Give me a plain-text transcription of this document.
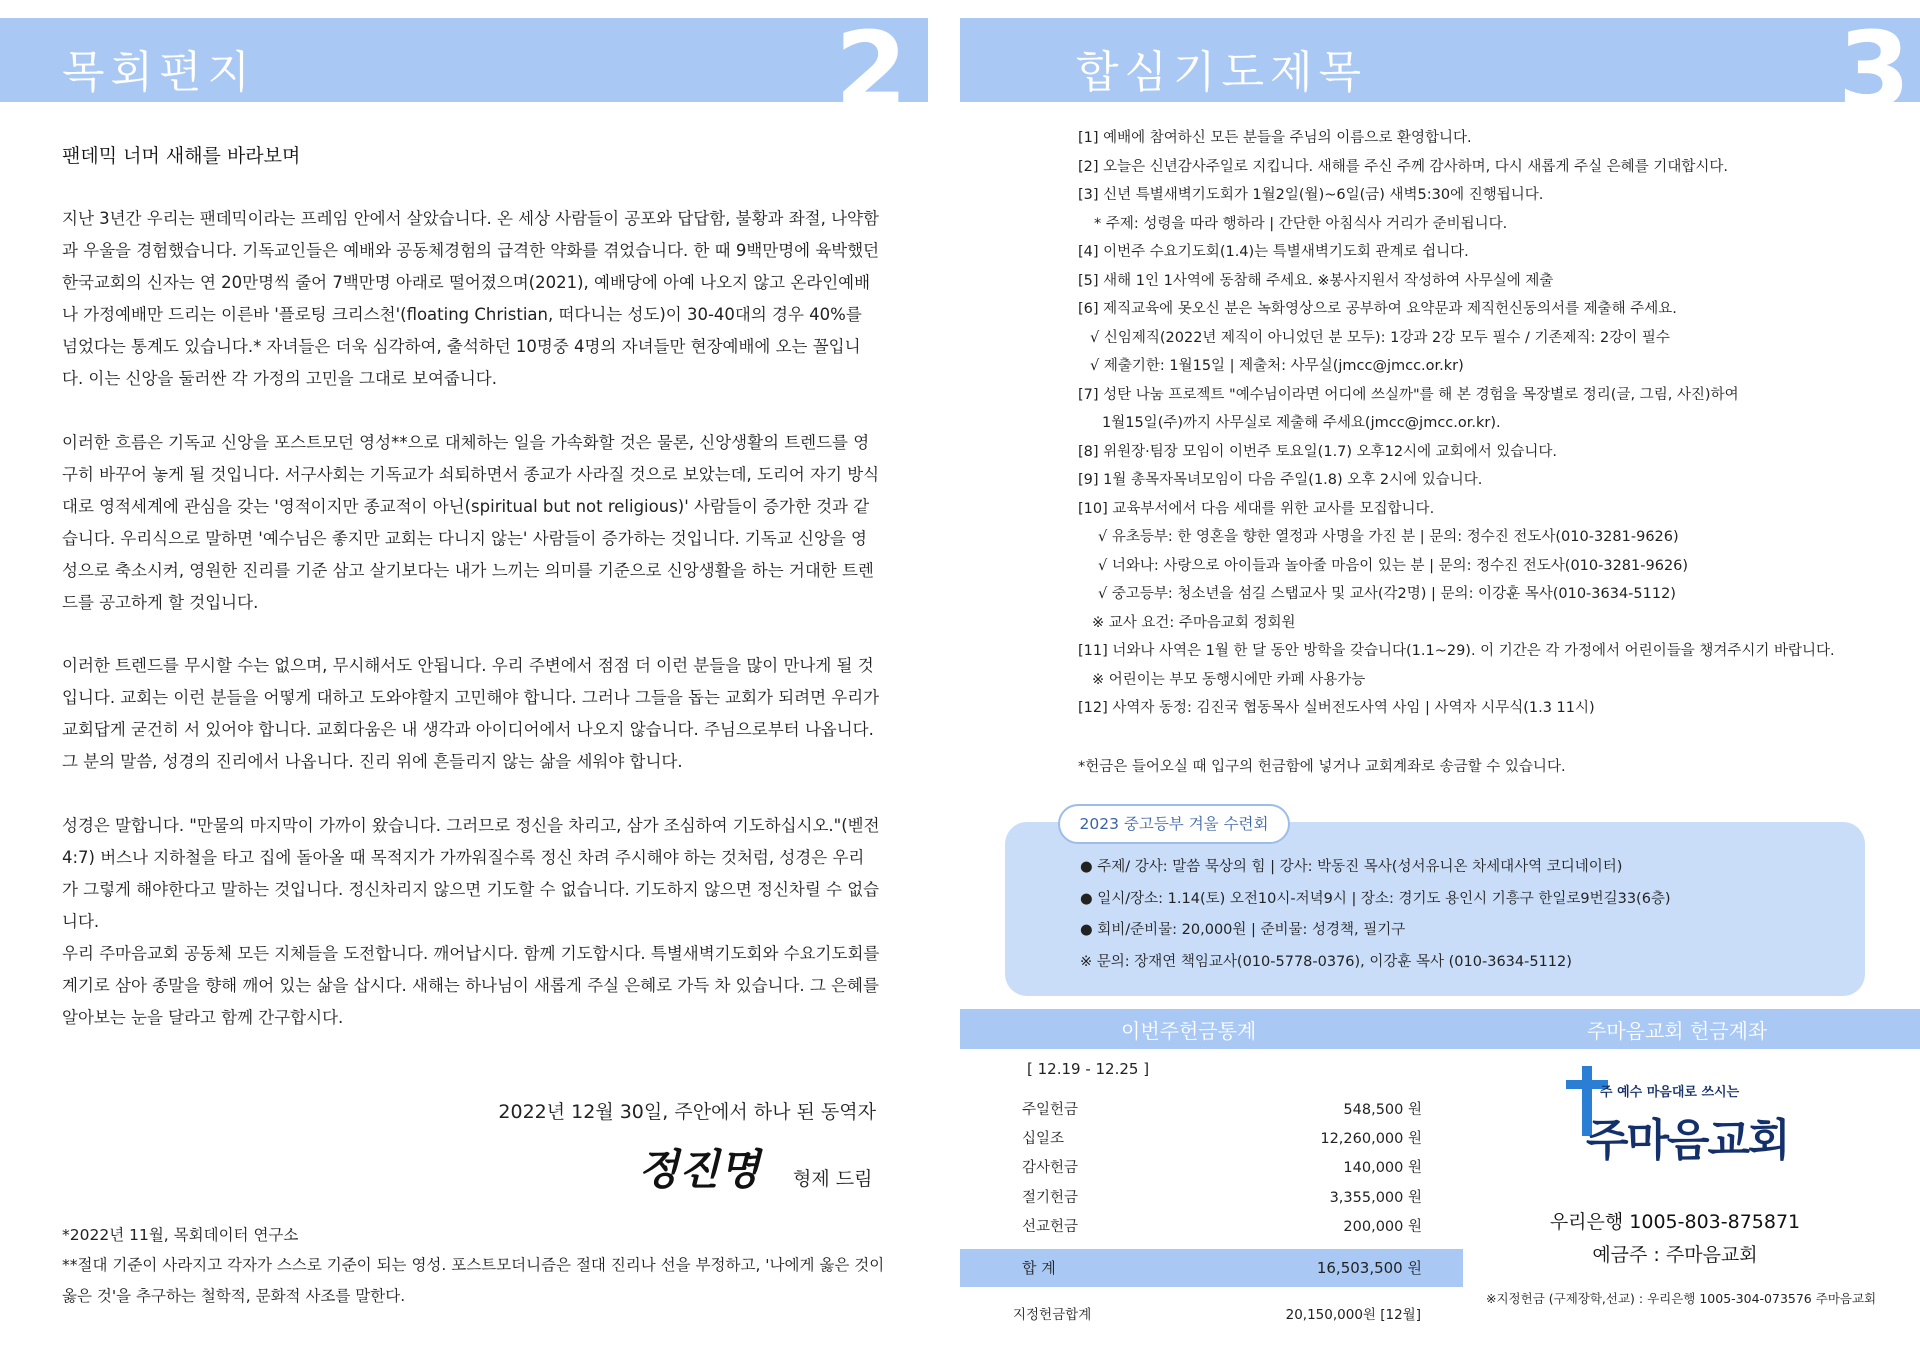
목회편지	2
팬데믹 너머 새해를 바라보며

지난 3년간 우리는 팬데믹이라는 프레임 안에서 살았습니다. 온 세상 사람들이 공포와 답답함, 불황과 좌절, 나약함과 우울을 경험했습니다. 기독교인들은 예배와 공동체경험의 급격한 약화를 겪었습니다. 한 때 9백만명에 육박했던 한국교회의 신자는 연 20만명씩 줄어 7백만명 아래로 떨어졌으며(2021), 예배당에 아예 나오지 않고 온라인예배나 가정예배만 드리는 이른바 '플로팅 크리스천'(floating Christian, 떠다니는 성도)이 30-40대의 경우 40%를 넘었다는 통계도 있습니다.* 자녀들은 더욱 심각하여, 출석하던 10명중 4명의 자녀들만 현장예배에 오는 꼴입니다. 이는 신앙을 둘러싼 각 가정의 고민을 그대로 보여줍니다.

이러한 흐름은 기독교 신앙을 포스트모던 영성**으로 대체하는 일을 가속화할 것은 물론, 신앙생활의 트렌드를 영구히 바꾸어 놓게 될 것입니다. 서구사회는 기독교가 쇠퇴하면서 종교가 사라질 것으로 보았는데, 도리어 자기 방식대로 영적세계에 관심을 갖는 '영적이지만 종교적이 아닌(spiritual but not religious)' 사람들이 증가한 것과 같습니다. 우리식으로 말하면 '예수님은 좋지만 교회는 다니지 않는' 사람들이 증가하는 것입니다. 기독교 신앙을 영성으로 축소시켜, 영원한 진리를 기준 삼고 살기보다는 내가 느끼는 의미를 기준으로 신앙생활을 하는 거대한 트렌드를 공고하게 할 것입니다.

이러한 트렌드를 무시할 수는 없으며, 무시해서도 안됩니다. 우리 주변에서 점점 더 이런 분들을 많이 만나게 될 것입니다. 교회는 이런 분들을 어떻게 대하고 도와야할지 고민해야 합니다. 그러나 그들을 돕는 교회가 되려면 우리가 교회답게 굳건히 서 있어야 합니다. 교회다움은 내 생각과 아이디어에서 나오지 않습니다. 주님으로부터 나옵니다. 그 분의 말씀, 성경의 진리에서 나옵니다. 진리 위에 흔들리지 않는 삶을 세워야 합니다.

성경은 말합니다. "만물의 마지막이 가까이 왔습니다. 그러므로 정신을 차리고, 삼가 조심하여 기도하십시오."(벧전4:7) 버스나 지하철을 타고 집에 돌아올 때 목적지가 가까워질수록 정신 차려 주시해야 하는 것처럼, 성경은 우리가 그렇게 해야한다고 말하는 것입니다. 정신차리지 않으면 기도할 수 없습니다. 기도하지 않으면 정신차릴 수 없습니다.

우리 주마음교회 공동체 모든 지체들을 도전합니다. 깨어납시다. 함께 기도합시다. 특별새벽기도회와 수요기도회를 계기로 삼아 종말을 향해 깨어 있는 삶을 삽시다. 새해는 하나님이 새롭게 주실 은혜로 가득 차 있습니다. 그 은혜를 알아보는 눈을 달라고 함께 간구합시다.

2022년 12월 30일, 주안에서 하나 된 동역자
정진명 형제 드림

*2022년 11월, 목회데이터 연구소

**절대 기준이 사라지고 각자가 스스로 기준이 되는 영성. 포스트모더니즘은 절대 진리나 선을 부정하고, '나에게 옳은 것이 옳은 것'을 추구하는 철학적, 문화적 사조를 말한다.

합심기도제목	3
[1] 예배에 참여하신 모든 분들을 주님의 이름으로 환영합니다.
[2] 오늘은 신년감사주일로 지킵니다. 새해를 주신 주께 감사하며, 다시 새롭게 주실 은혜를 기대합시다.
[3] 신년 특별새벽기도회가 1월2일(월)~6일(금) 새벽5:30에 진행됩니다.
* 주제: 성령을 따라 행하라 | 간단한 아침식사 거리가 준비됩니다.
[4] 이번주 수요기도회(1.4)는 특별새벽기도회 관계로 쉽니다.
[5] 새해 1인 1사역에 동참해 주세요. ※봉사지원서 작성하여 사무실에 제출
[6] 제직교육에 못오신 분은 녹화영상으로 공부하여 요약문과 제직헌신동의서를 제출해 주세요.
√ 신임제직(2022년 제직이 아니었던 분 모두): 1강과 2강 모두 필수 / 기존제직: 2강이 필수
√ 제출기한: 1월15일 | 제출처: 사무실(jmcc@jmcc.or.kr)
[7] 성탄 나눔 프로젝트 "예수님이라면 어디에 쓰실까"를 해 본 경험을 목장별로 정리(글, 그림, 사진)하여
1월15일(주)까지 사무실로 제출해 주세요(jmcc@jmcc.or.kr).
[8] 위원장·팀장 모임이 이번주 토요일(1.7) 오후12시에 교회에서 있습니다.
[9] 1월 총목자목녀모임이 다음 주일(1.8) 오후 2시에 있습니다.
[10] 교육부서에서 다음 세대를 위한 교사를 모집합니다.
√ 유초등부: 한 영혼을 향한 열정과 사명을 가진 분 | 문의: 정수진 전도사(010-3281-9626)
√ 너와나: 사랑으로 아이들과 놀아줄 마음이 있는 분 | 문의: 정수진 전도사(010-3281-9626)
√ 중고등부: 청소년을 섬길 스탭교사 및 교사(각2명) | 문의: 이강훈 목사(010-3634-5112)
※ 교사 요건: 주마음교회 정회원
[11] 너와나 사역은 1월 한 달 동안 방학을 갖습니다(1.1~29). 이 기간은 각 가정에서 어린이들을 챙겨주시기 바랍니다.
※ 어린이는 부모 동행시에만 카페 사용가능
[12] 사역자 동정: 김진국 협동목사 실버전도사역 사임 | 사역자 시무식(1.3 11시)
*헌금은 들어오실 때 입구의 헌금함에 넣거나 교회계좌로 송금할 수 있습니다.
2023 중고등부 겨울 수련회
● 주제/ 강사: 말씀 묵상의 힘 | 강사: 박동진 목사(성서유니온 차세대사역 코디네이터)
● 일시/장소: 1.14(토) 오전10시-저녁9시 | 장소: 경기도 용인시 기흥구 한일로9번길33(6층)
● 회비/준비물: 20,000원 | 준비물: 성경책, 필기구
※ 문의: 장재연 책임교사(010-5778-0376), 이강훈 목사 (010-3634-5112)
이번주헌금통계	주마음교회 헌금계좌
[ 12.19 - 12.25 ]
주일헌금	548,500 원
십일조	12,260,000 원
감사헌금	140,000 원
절기헌금	3,355,000 원
선교헌금	200,000 원
합 계	16,503,500 원
지정헌금합계	20,150,000원 [12월]
주 예수 마음대로 쓰시는
주마음교회
우리은행 1005-803-875871
예금주 : 주마음교회
※지정헌금 (구제장학,선교) : 우리은행 1005-304-073576 주마음교회
